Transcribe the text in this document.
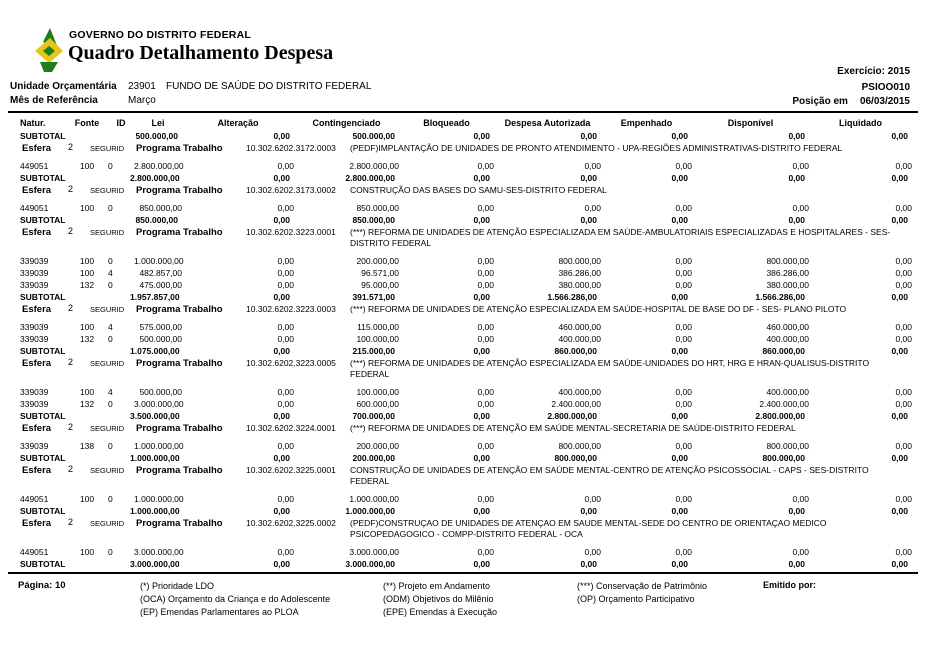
GOVERNO DO DISTRITO FEDERAL
Quadro Detalhamento Despesa
Exercício: 2015
PSIOO010
Posição em 06/03/2015
Unidade Orçamentária	23901	FUNDO DE SAÚDE DO DISTRITO FEDERAL
Mês de Referência	Março
Natur.	Fonte	ID	Lei	Alteração	Contingenciado	Bloqueado	Despesa Autorizada	Empenhado	Disponível	Liquidado
SUBTOTAL	500.000,00	0,00	500.000,00	0,00	0,00	0,00	0,00	0,00
Esfera	2	SEGURID	Programa Trabalho	10.302.6202.3172.0003	(PEDF)IMPLANTAÇÃO DE UNIDADES DE PRONTO ATENDIMENTO - UPA-REGIÕES ADMINISTRATIVAS-DISTRITO FEDERAL
449051	100	0	2.800.000,00	0,00	2.800.000,00	0,00	0,00	0,00	0,00	0,00
SUBTOTAL	2.800.000,00	0,00	2.800.000,00	0,00	0,00	0,00	0,00	0,00
Esfera	2	SEGURID	Programa Trabalho	10.302.6202.3173.0002	CONSTRUÇÃO DAS BASES DO SAMU-SES-DISTRITO FEDERAL
449051	100	0	850.000,00	0,00	850.000,00	0,00	0,00	0,00	0,00	0,00
SUBTOTAL	850.000,00	0,00	850.000,00	0,00	0,00	0,00	0,00	0,00
Esfera	2	SEGURID	Programa Trabalho	10.302.6202.3223.0001	(***) REFORMA DE UNIDADES DE ATENÇÃO ESPECIALIZADA EM SAÚDE-AMBULATORIAIS ESPECIALIZADAS E HOSPITALARES - SES-DISTRITO FEDERAL
339039	100	0	1.000.000,00	0,00	200.000,00	0,00	800.000,00	0,00	800.000,00	0,00
339039	100	4	482.857,00	0,00	96.571,00	0,00	386.286,00	0,00	386.286,00	0,00
339039	132	0	475.000,00	0,00	95.000,00	0,00	380.000,00	0,00	380.000,00	0,00
SUBTOTAL	1.957.857,00	0,00	391.571,00	0,00	1.566.286,00	0,00	1.566.286,00	0,00
Esfera	2	SEGURID	Programa Trabalho	10.302.6202.3223.0003	(***) REFORMA DE UNIDADES DE ATENÇÃO ESPECIALIZADA EM SAÚDE-HOSPITAL DE BASE DO DF - SES- PLANO PILOTO
339039	100	4	575.000,00	0,00	115.000,00	0,00	460.000,00	0,00	460.000,00	0,00
339039	132	0	500.000,00	0,00	100.000,00	0,00	400.000,00	0,00	400.000,00	0,00
SUBTOTAL	1.075.000,00	0,00	215.000,00	0,00	860.000,00	0,00	860.000,00	0,00
Esfera	2	SEGURID	Programa Trabalho	10.302.6202.3223.0005	(***) REFORMA DE UNIDADES DE ATENÇÃO ESPECIALIZADA EM SAÚDE-UNIDADES DO HRT, HRG E HRAN-QUALISUS-DISTRITO FEDERAL
339039	100	4	500.000,00	0,00	100.000,00	0,00	400.000,00	0,00	400.000,00	0,00
339039	132	0	3.000.000,00	0,00	600.000,00	0,00	2.400.000,00	0,00	2.400.000,00	0,00
SUBTOTAL	3.500.000,00	0,00	700.000,00	0,00	2.800.000,00	0,00	2.800.000,00	0,00
Esfera	2	SEGURID	Programa Trabalho	10.302.6202.3224.0001	(***) REFORMA DE UNIDADES DE ATENÇÃO EM SAÚDE MENTAL-SECRETARIA DE SAÚDE-DISTRITO FEDERAL
339039	138	0	1.000.000,00	0,00	200.000,00	0,00	800.000,00	0,00	800.000,00	0,00
SUBTOTAL	1.000.000,00	0,00	200.000,00	0,00	800.000,00	0,00	800.000,00	0,00
Esfera	2	SEGURID	Programa Trabalho	10.302.6202.3225.0001	CONSTRUÇÃO DE UNIDADES DE ATENÇÃO EM SAÚDE MENTAL-CENTRO DE ATENÇÃO PSICOSSOCIAL - CAPS - SES-DISTRITO FEDERAL
449051	100	0	1.000.000,00	0,00	1.000.000,00	0,00	0,00	0,00	0,00	0,00
SUBTOTAL	1.000.000,00	0,00	1.000.000,00	0,00	0,00	0,00	0,00	0,00
Esfera	2	SEGURID	Programa Trabalho	10.302.6202.3225.0002	(PEDF)CONSTRUÇAO DE UNIDADES DE ATENÇAO EM SAUDE MENTAL-SEDE DO CENTRO DE ORIENTAÇAO MEDICO PSICOPEDAGOGICO - COMPP-DISTRITO FEDERAL - OCA
449051	100	0	3.000.000,00	0,00	3.000.000,00	0,00	0,00	0,00	0,00	0,00
SUBTOTAL	3.000.000,00	0,00	3.000.000,00	0,00	0,00	0,00	0,00	0,00
Página: 10	(*) Prioridade LDO
(OCA) Orçamento da Criança e do Adolescente
(EP) Emendas Parlamentares ao PLOA
(**) Projeto em Andamento
(ODM) Objetivos do Milênio
(EPE) Emendas à Execução
(***) Conservação de Patrimônio
(OP) Orçamento Participativo
Emitido por:
